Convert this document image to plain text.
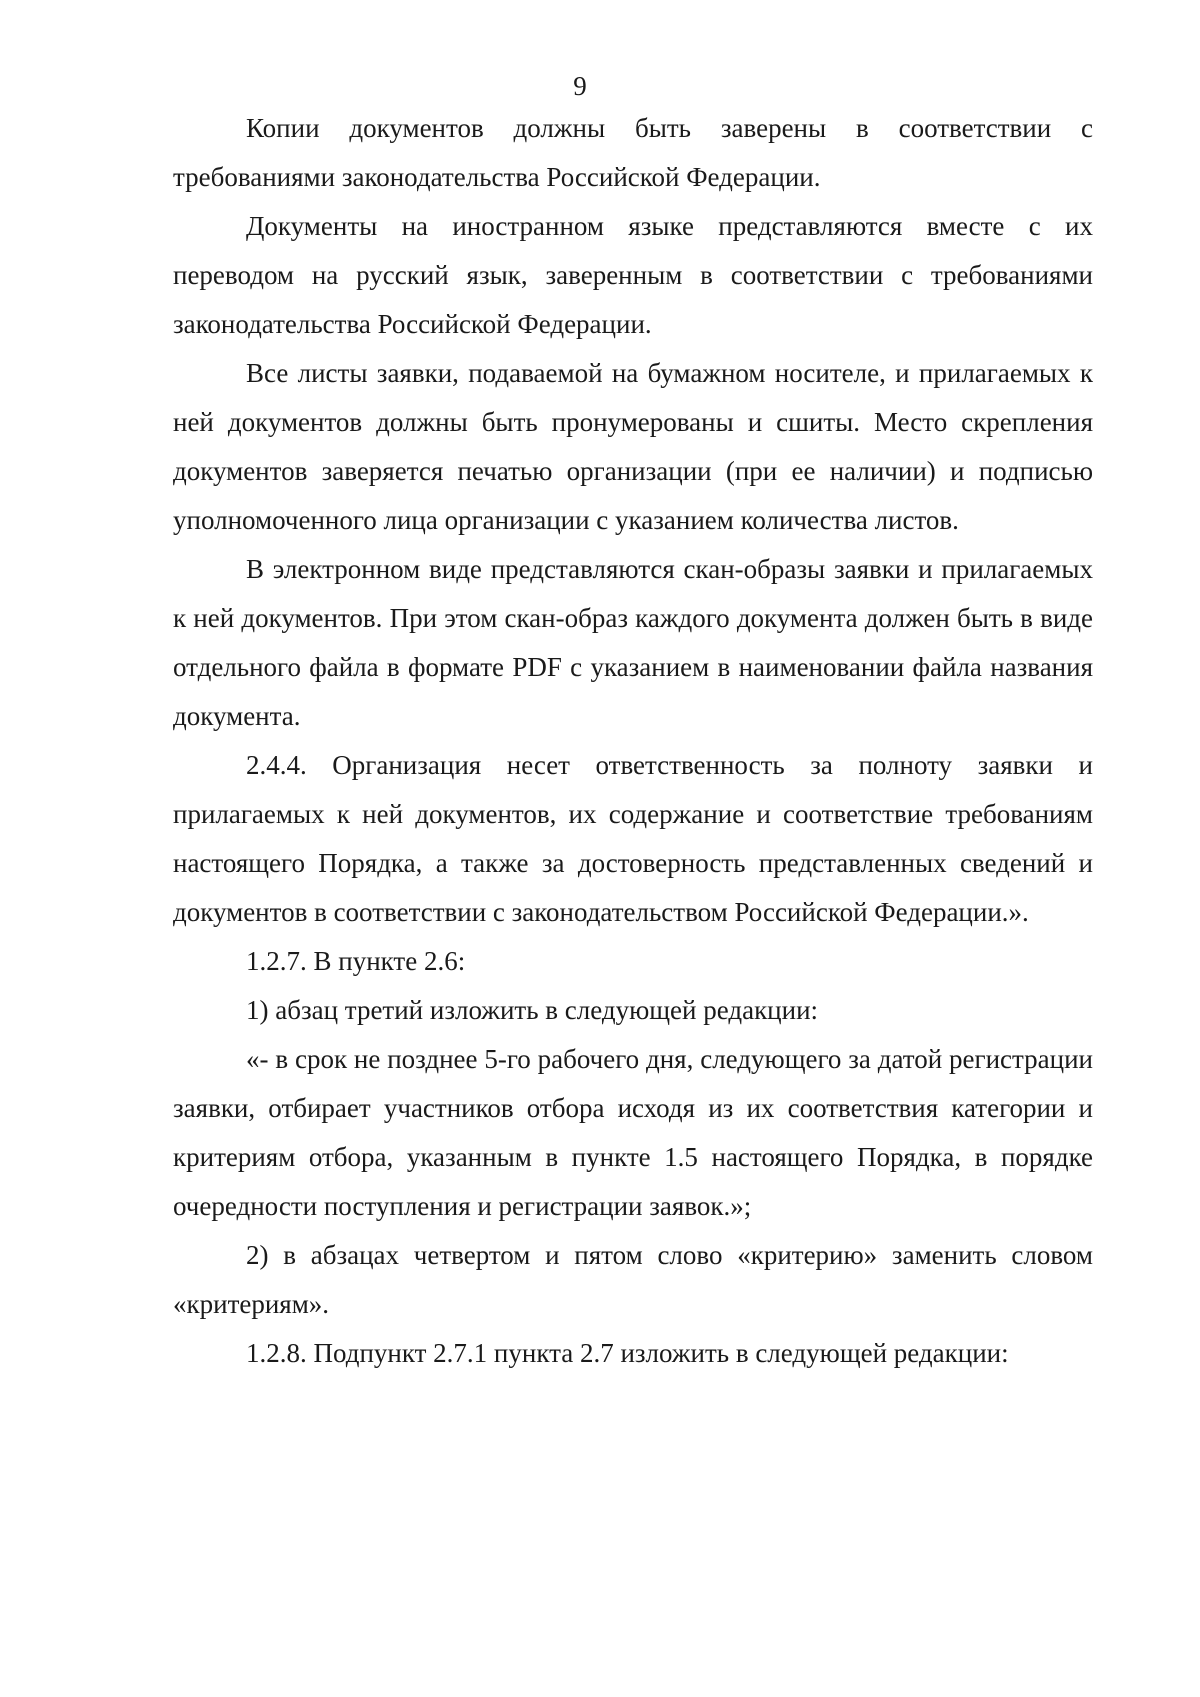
9

Копии документов должны быть заверены в соответствии с требованиями законодательства Российской Федерации.

Документы на иностранном языке представляются вместе с их переводом на русский язык, заверенным в соответствии с требованиями законодательства Российской Федерации.

Все листы заявки, подаваемой на бумажном носителе, и прилагаемых к ней документов должны быть пронумерованы и сшиты. Место скрепления документов заверяется печатью организации (при ее наличии) и подписью уполномоченного лица организации с указанием количества листов.

В электронном виде представляются скан-образы заявки и прилагаемых к ней документов. При этом скан-образ каждого документа должен быть в виде отдельного файла в формате PDF с указанием в наименовании файла названия документа.

2.4.4. Организация несет ответственность за полноту заявки и прилагаемых к ней документов, их содержание и соответствие требованиям настоящего Порядка, а также за достоверность представленных сведений и документов в соответствии с законодательством Российской Федерации.».

1.2.7. В пункте 2.6:

1) абзац третий изложить в следующей редакции:

«- в срок не позднее 5-го рабочего дня, следующего за датой регистрации заявки, отбирает участников отбора исходя из их соответствия категории и критериям отбора, указанным в пункте 1.5 настоящего Порядка, в порядке очередности поступления и регистрации заявок.»;

2) в абзацах четвертом и пятом слово «критерию» заменить словом «критериям».

1.2.8. Подпункт 2.7.1 пункта 2.7 изложить в следующей редакции:
